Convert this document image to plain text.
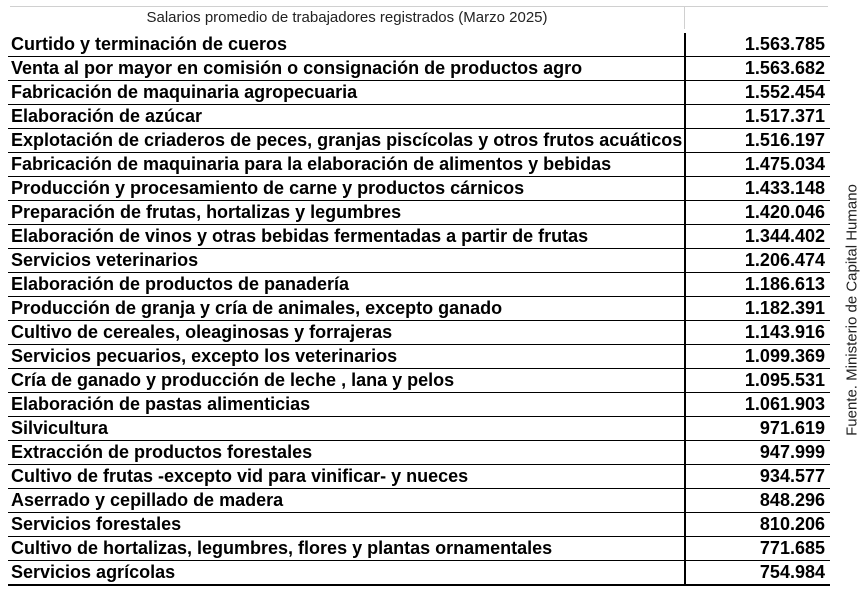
Salarios promedio de trabajadores registrados (Marzo 2025)
Curtido y terminación de cueros	1.563.785
Venta al por mayor en comisión o consignación de productos agro	1.563.682
Fabricación de maquinaria agropecuaria	1.552.454
Elaboración de azúcar	1.517.371
Explotación de criaderos de peces, granjas piscícolas y otros frutos acuáticos	1.516.197
Fabricación de maquinaria para la elaboración de alimentos y bebidas	1.475.034
Producción y procesamiento de carne y productos cárnicos	1.433.148
Preparación de frutas, hortalizas y legumbres	1.420.046
Elaboración de vinos y otras bebidas fermentadas a partir de frutas	1.344.402
Servicios veterinarios	1.206.474
Elaboración de productos de panadería	1.186.613
Producción de granja y cría de animales, excepto ganado	1.182.391
Cultivo de cereales, oleaginosas y forrajeras	1.143.916
Servicios pecuarios, excepto los veterinarios	1.099.369
Cría de ganado y producción de leche , lana y pelos	1.095.531
Elaboración de pastas alimenticias	1.061.903
Silvicultura	971.619
Extracción de productos forestales	947.999
Cultivo de frutas -excepto vid para vinificar- y nueces	934.577
Aserrado y cepillado de madera	848.296
Servicios forestales	810.206
Cultivo de hortalizas, legumbres, flores y plantas ornamentales	771.685
Servicios agrícolas	754.984
Fuente. Ministerio de Capital Humano
